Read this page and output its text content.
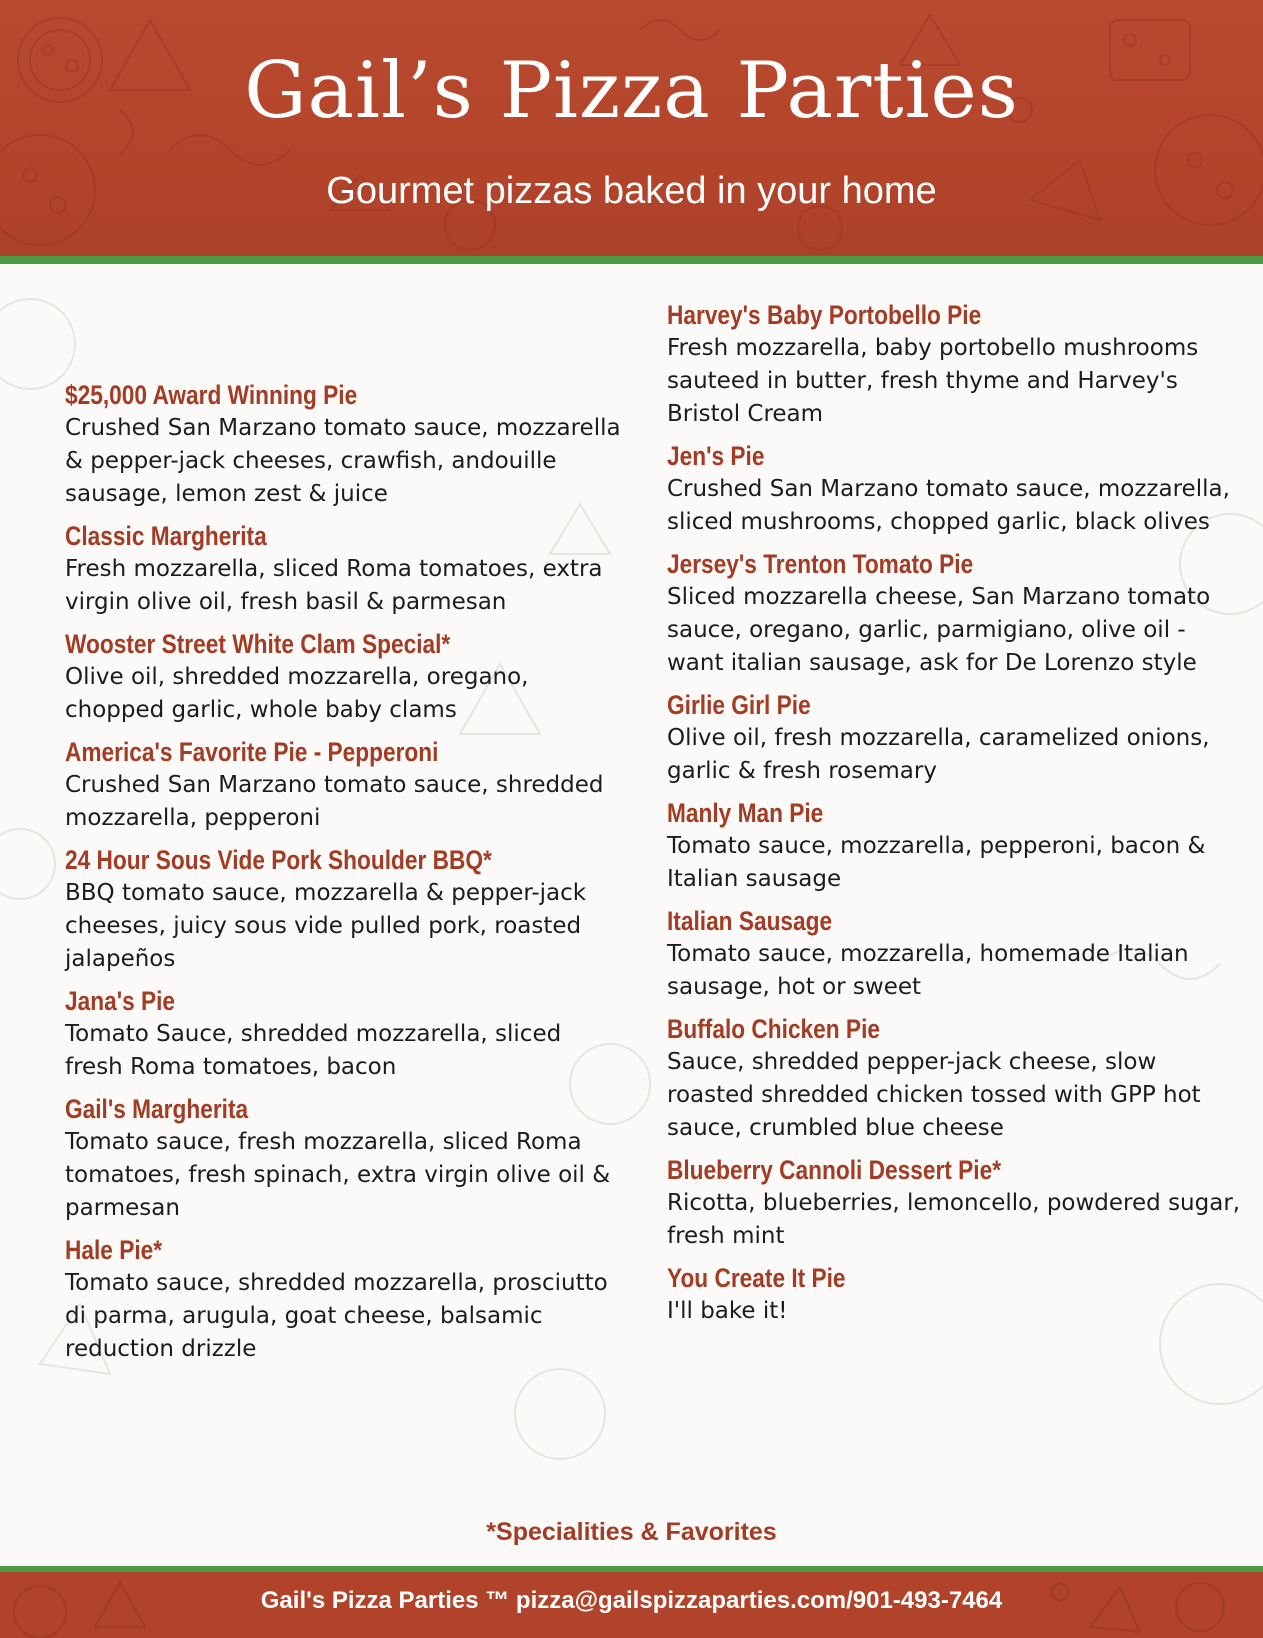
Gail’s Pizza Parties
Gourmet pizzas baked in your home
$25,000 Award Winning Pie
Crushed San Marzano tomato sauce, mozzarella & pepper-jack cheeses, crawfish, andouille sausage, lemon zest & juice
Classic Margherita
Fresh mozzarella, sliced Roma tomatoes, extra virgin olive oil, fresh basil & parmesan
Wooster Street White Clam Special*
Olive oil, shredded mozzarella, oregano, chopped garlic, whole baby clams
America's Favorite Pie - Pepperoni
Crushed San Marzano tomato sauce, shredded mozzarella, pepperoni
24 Hour Sous Vide Pork Shoulder BBQ*
BBQ tomato sauce, mozzarella & pepper-jack cheeses, juicy sous vide pulled pork, roasted jalapeños
Jana's Pie
Tomato Sauce, shredded mozzarella, sliced fresh Roma tomatoes, bacon
Gail's Margherita
Tomato sauce, fresh mozzarella, sliced Roma tomatoes, fresh spinach, extra virgin olive oil & parmesan
Hale Pie*
Tomato sauce, shredded mozzarella, prosciutto di parma, arugula, goat cheese, balsamic reduction drizzle
Harvey's Baby Portobello Pie
Fresh mozzarella, baby portobello mushrooms sauteed in butter, fresh thyme and Harvey's Bristol Cream
Jen's Pie
Crushed San Marzano tomato sauce, mozzarella, sliced mushrooms, chopped garlic, black olives
Jersey's Trenton Tomato Pie
Sliced mozzarella cheese, San Marzano tomato sauce, oregano, garlic, parmigiano, olive oil - want italian sausage, ask for De Lorenzo style
Girlie Girl Pie
Olive oil, fresh mozzarella, caramelized onions, garlic & fresh rosemary
Manly Man Pie
Tomato sauce, mozzarella, pepperoni, bacon & Italian sausage
Italian Sausage
Tomato sauce, mozzarella, homemade Italian sausage, hot or sweet
Buffalo Chicken Pie
Sauce, shredded pepper-jack cheese, slow roasted shredded chicken tossed with GPP hot sauce, crumbled blue cheese
Blueberry Cannoli Dessert Pie*
Ricotta, blueberries, lemoncello, powdered sugar, fresh mint
You Create It Pie
I'll bake it!
*Specialities & Favorites
Gail's Pizza Parties ™ pizza@gailspizzaparties.com/901-493-7464
